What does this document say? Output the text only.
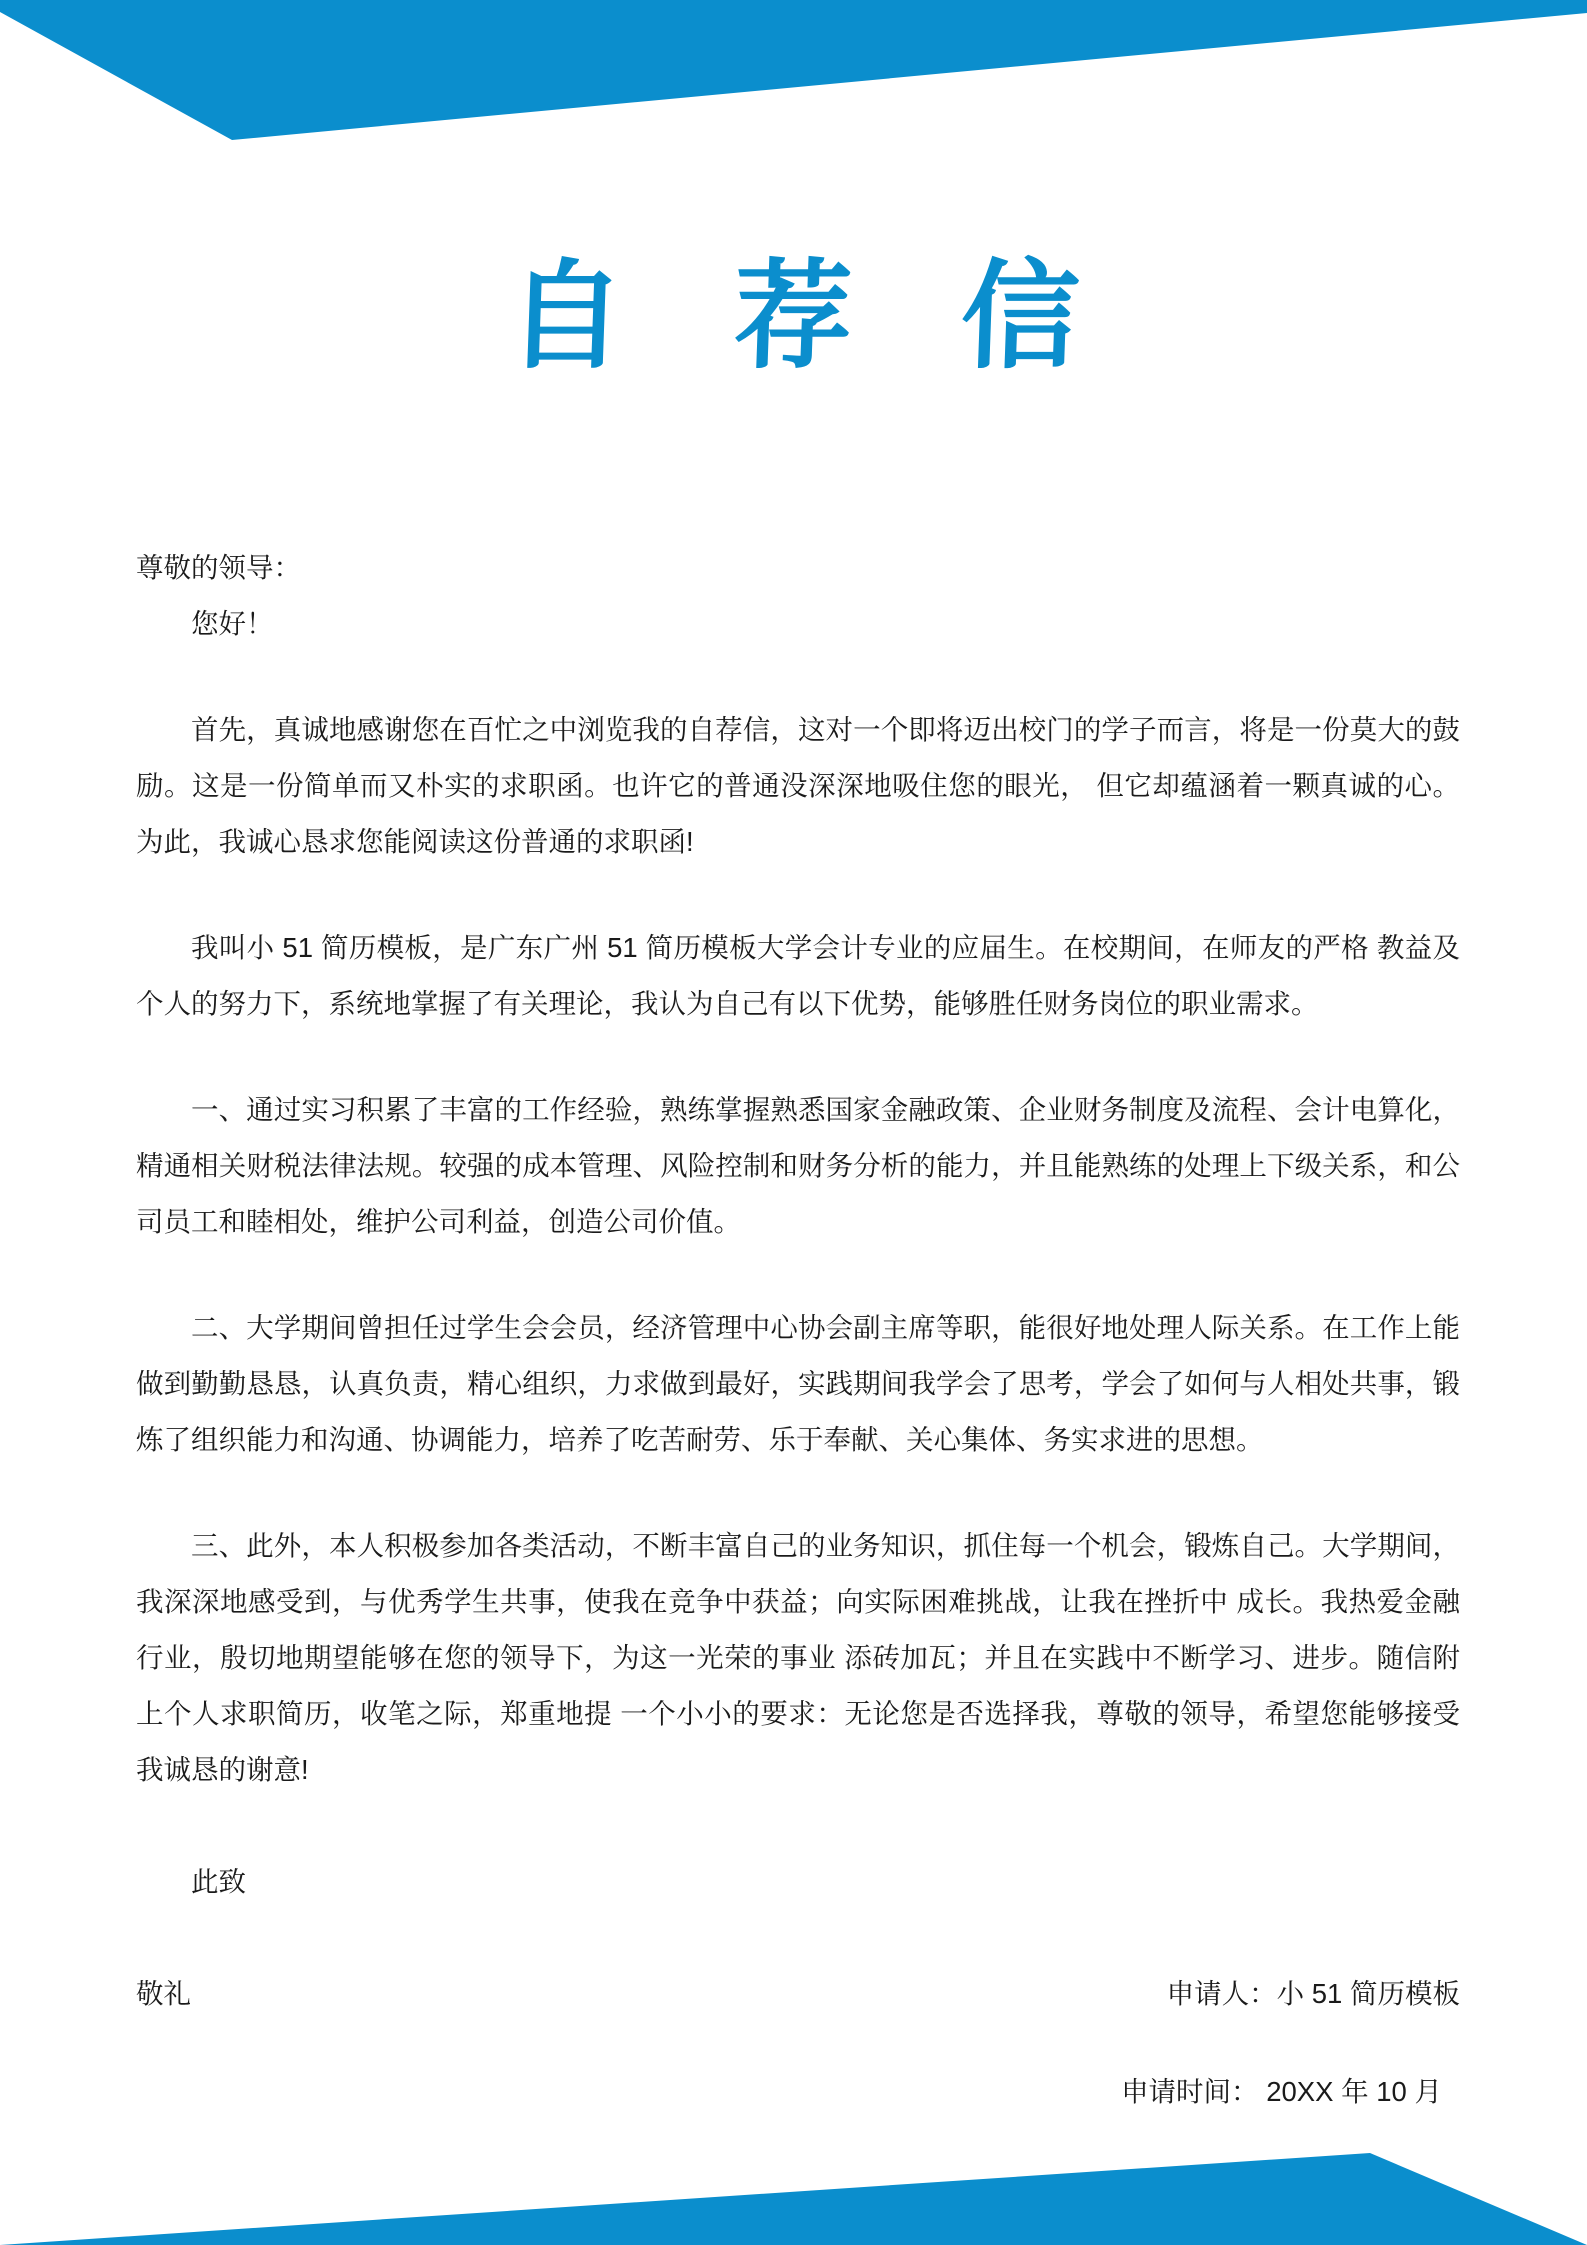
自 荐 信

尊敬的领导：

您好！

首先，真诚地感谢您在百忙之中浏览我的自荐信，这对一个即将迈出校门的学子而言，将是一份莫大的鼓励。这是一份简单而又朴实的求职函。也许它的普通没深深地吸住您的眼光， 但它却蕴涵着一颗真诚的心。为此，我诚心恳求您能阅读这份普通的求职函!

我叫小 51 简历模板，是广东广州 51 简历模板大学会计专业的应届生。在校期间，在师友的严格 教益及个人的努力下，系统地掌握了有关理论，我认为自己有以下优势，能够胜任财务岗位的职业需求。

一、通过实习积累了丰富的工作经验，熟练掌握熟悉国家金融政策、企业财务制度及流程、会计电算化，精通相关财税法律法规。较强的成本管理、风险控制和财务分析的能力，并且能熟练的处理上下级关系，和公司员工和睦相处，维护公司利益，创造公司价值。

二、大学期间曾担任过学生会会员，经济管理中心协会副主席等职，能很好地处理人际关系。在工作上能做到勤勤恳恳，认真负责，精心组织，力求做到最好，实践期间我学会了思考，学会了如何与人相处共事，锻炼了组织能力和沟通、协调能力，培养了吃苦耐劳、乐于奉献、关心集体、务实求进的思想。

三、此外，本人积极参加各类活动，不断丰富自己的业务知识，抓住每一个机会，锻炼自己。大学期间，我深深地感受到，与优秀学生共事，使我在竞争中获益；向实际困难挑战，让我在挫折中 成长。我热爱金融行业，殷切地期望能够在您的领导下，为这一光荣的事业 添砖加瓦；并且在实践中不断学习、进步。随信附上个人求职简历，收笔之际，郑重地提 一个小小的要求：无论您是否选择我，尊敬的领导，希望您能够接受我诚恳的谢意!

此致

敬礼	申请人：小 51 简历模板

申请时间： 20XX 年 10 月
